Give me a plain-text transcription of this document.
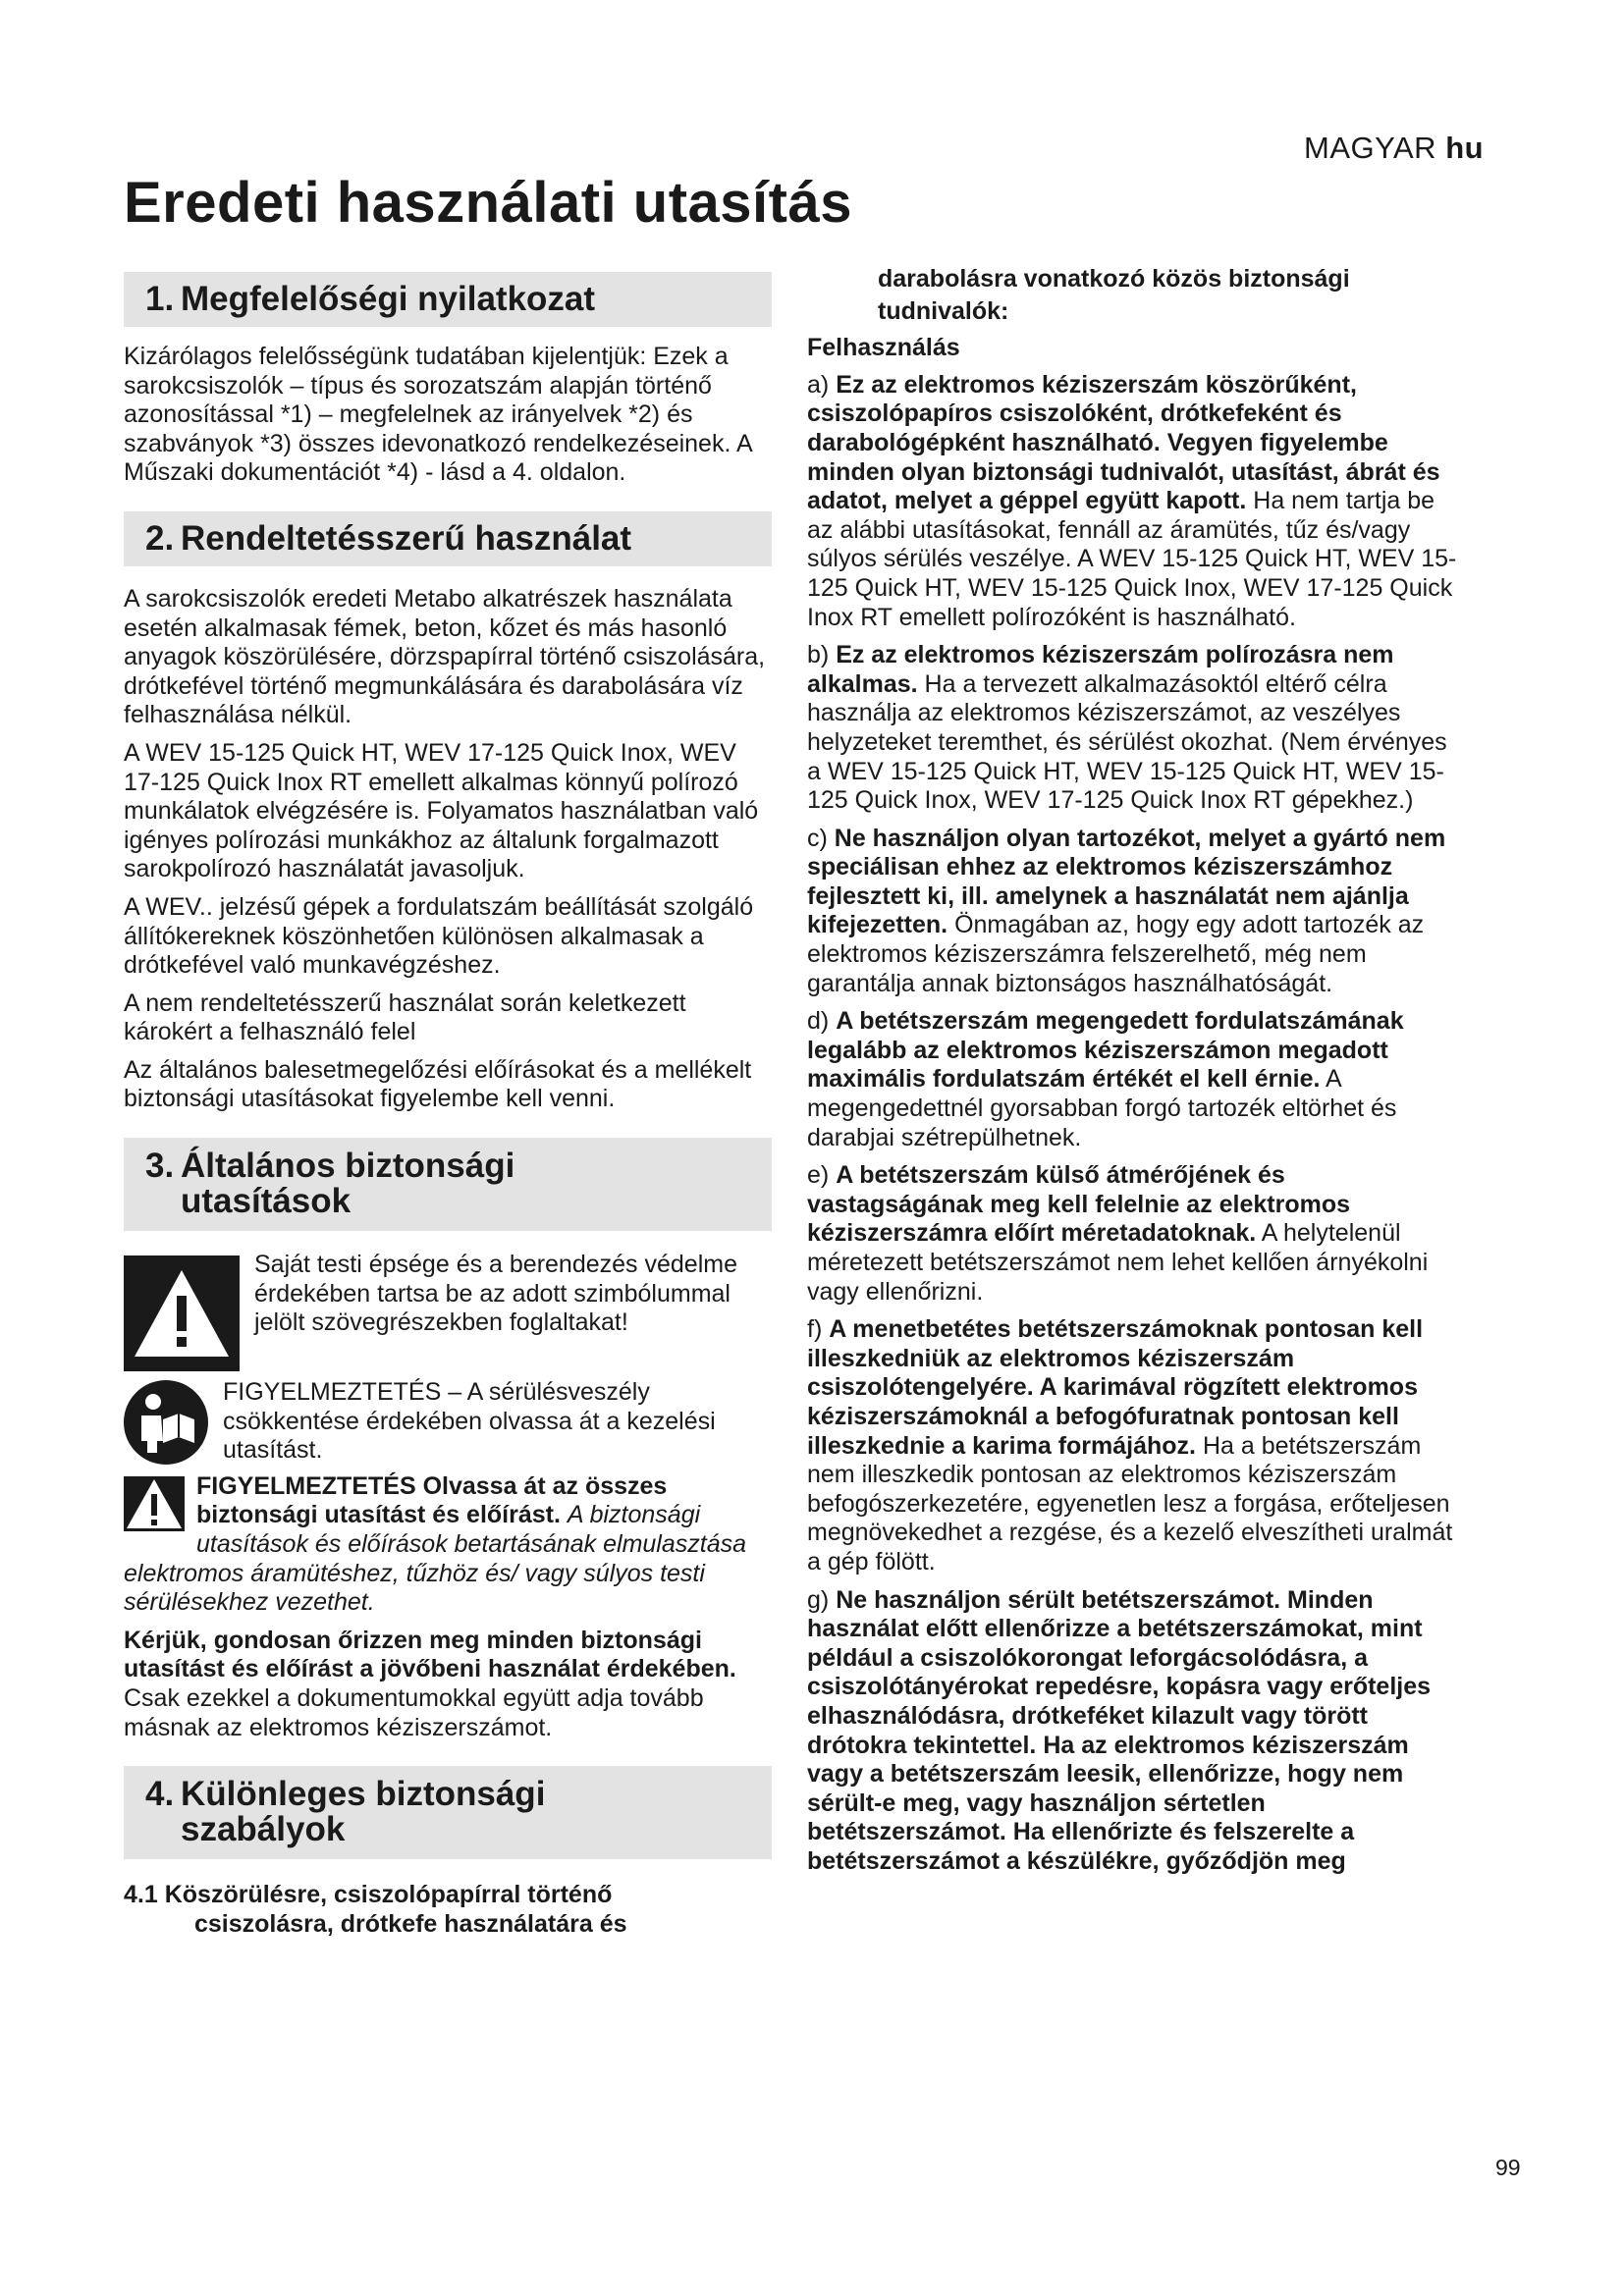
MAGYAR hu
Eredeti használati utasítás
1. Megfelelőségi nyilatkozat

Kizárólagos felelősségünk tudatában kijelentjük: Ezek a sarokcsiszolók – típus és sorozatszám alapján történő azonosítással *1) – megfelelnek az irányelvek *2) és szabványok *3) összes idevonatkozó rendelkezéseinek. A Műszaki dokumentációt *4) - lásd a 4. oldalon.

2. Rendeltetésszerű használat

A sarokcsiszolók eredeti Metabo alkatrészek használata esetén alkalmasak fémek, beton, kőzet és más hasonló anyagok köszörülésére, dörzspapírral történő csiszolására, drótkefével történő megmunkálására és darabolására víz felhasználása nélkül.

A WEV 15-125 Quick HT, WEV 17-125 Quick Inox, WEV 17-125 Quick Inox RT emellett alkalmas könnyű polírozó munkálatok elvégzésére is. Folyamatos használatban való igényes polírozási munkákhoz az általunk forgalmazott sarokpolírozó használatát javasoljuk.

A WEV.. jelzésű gépek a fordulatszám beállítását szolgáló állítókereknek köszönhetően különösen alkalmasak a drótkefével való munkavégzéshez.

A nem rendeltetésszerű használat során keletkezett károkért a felhasználó felel

Az általános balesetmegelőzési előírásokat és a mellékelt biztonsági utasításokat figyelembe kell venni.

3. Általános biztonsági
utasítások
Saját testi épsége és a berendezés védelme érdekében tartsa be az adott szimbólummal jelölt szövegrészekben foglaltakat!
FIGYELMEZTETÉS – A sérülésveszély csökkentése érdekében olvassa át a kezelési utasítást.

FIGYELMEZTETÉS Olvassa át az összes biztonsági utasítást és előírást. A biztonsági utasítások és előírások betartásának elmulasztása elektromos áramütéshez, tűzhöz és/ vagy súlyos testi sérülésekhez vezethet.

Kérjük, gondosan őrizzen meg minden biztonsági utasítást és előírást a jövőbeni használat érdekében.

Csak ezekkel a dokumentumokkal együtt adja tovább másnak az elektromos kéziszerszámot.

4. Különleges biztonsági
szabályok

4.1 Köszörülésre, csiszolópapírral történő
csiszolásra, drótkefe használatára és

darabolásra vonatkozó közös biztonsági

tudnivalók:

Felhasználás

a) Ez az elektromos kéziszerszám köszörűként, csiszolópapíros csiszolóként, drótkefeként és darabológépként használható. Vegyen figyelembe minden olyan biztonsági tudnivalót, utasítást, ábrát és adatot, melyet a géppel együtt kapott. Ha nem tartja be az alábbi utasításokat, fennáll az áramütés, tűz és/vagy súlyos sérülés veszélye. A WEV 15-125 Quick HT, WEV 15-125 Quick HT, WEV 15-125 Quick Inox, WEV 17-125 Quick Inox RT emellett polírozóként is használható.

b) Ez az elektromos kéziszerszám polírozásra nem alkalmas. Ha a tervezett alkalmazásoktól eltérő célra használja az elektromos kéziszerszámot, az veszélyes helyzeteket teremthet, és sérülést okozhat. (Nem érvényes a WEV 15-125 Quick HT, WEV 15-125 Quick HT, WEV 15-125 Quick Inox, WEV 17-125 Quick Inox RT gépekhez.)

c) Ne használjon olyan tartozékot, melyet a gyártó nem speciálisan ehhez az elektromos kéziszerszámhoz fejlesztett ki, ill. amelynek a használatát nem ajánlja kifejezetten. Önmagában az, hogy egy adott tartozék az elektromos kéziszerszámra felszerelhető, még nem garantálja annak biztonságos használhatóságát.

d) A betétszerszám megengedett fordulatszámának legalább az elektromos kéziszerszámon megadott maximális fordulatszám értékét el kell érnie. A megengedettnél gyorsabban forgó tartozék eltörhet és darabjai szétrepülhetnek.

e) A betétszerszám külső átmérőjének és vastagságának meg kell felelnie az elektromos kéziszerszámra előírt méretadatoknak. A helytelenül méretezett betétszerszámot nem lehet kellően árnyékolni vagy ellenőrizni.

f) A menetbetétes betétszerszámoknak pontosan kell illeszkedniük az elektromos kéziszerszám csiszolótengelyére. A karimával rögzített elektromos kéziszerszámoknál a befogófuratnak pontosan kell illeszkednie a karima formájához. Ha a betétszerszám nem illeszkedik pontosan az elektromos kéziszerszám befogószerkezetére, egyenetlen lesz a forgása, erőteljesen megnövekedhet a rezgése, és a kezelő elveszítheti uralmát a gép fölött.

g) Ne használjon sérült betétszerszámot. Minden használat előtt ellenőrizze a betétszerszámokat, mint például a csiszolókorongat leforgácsolódásra, a csiszolótányérokat repedésre, kopásra vagy erőteljes elhasználódásra, drótkeféket kilazult vagy törött drótokra tekintettel. Ha az elektromos kéziszerszám vagy a betétszerszám leesik, ellenőrizze, hogy nem sérült-e meg, vagy használjon sértetlen betétszerszámot. Ha ellenőrizte és felszerelte a betétszerszámot a készülékre, győződjön meg

99
